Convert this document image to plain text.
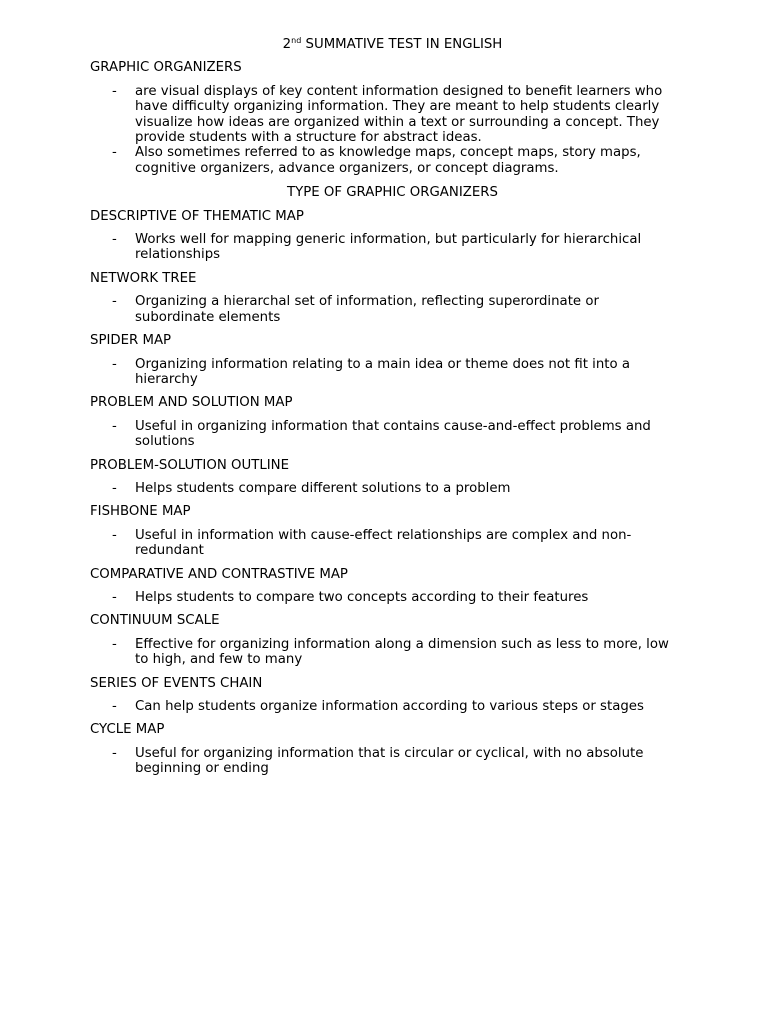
2nd SUMMATIVE TEST IN ENGLISH
GRAPHIC ORGANIZERS
- are visual displays of key content information designed to benefit learners who have difficulty organizing information. They are meant to help students clearly visualize how ideas are organized within a text or surrounding a concept. They provide students with a structure for abstract ideas.
- Also sometimes referred to as knowledge maps, concept maps, story maps, cognitive organizers, advance organizers, or concept diagrams.
TYPE OF GRAPHIC ORGANIZERS
DESCRIPTIVE OF THEMATIC MAP
- Works well for mapping generic information, but particularly for hierarchical relationships
NETWORK TREE
- Organizing a hierarchal set of information, reflecting superordinate or subordinate elements
SPIDER MAP
- Organizing information relating to a main idea or theme does not fit into a hierarchy
PROBLEM AND SOLUTION MAP
- Useful in organizing information that contains cause-and-effect problems and solutions
PROBLEM-SOLUTION OUTLINE
- Helps students compare different solutions to a problem
FISHBONE MAP
- Useful in information with cause-effect relationships are complex and non-redundant
COMPARATIVE AND CONTRASTIVE MAP
- Helps students to compare two concepts according to their features
CONTINUUM SCALE
- Effective for organizing information along a dimension such as less to more, low to high, and few to many
SERIES OF EVENTS CHAIN
- Can help students organize information according to various steps or stages
CYCLE MAP
- Useful for organizing information that is circular or cyclical, with no absolute beginning or ending
